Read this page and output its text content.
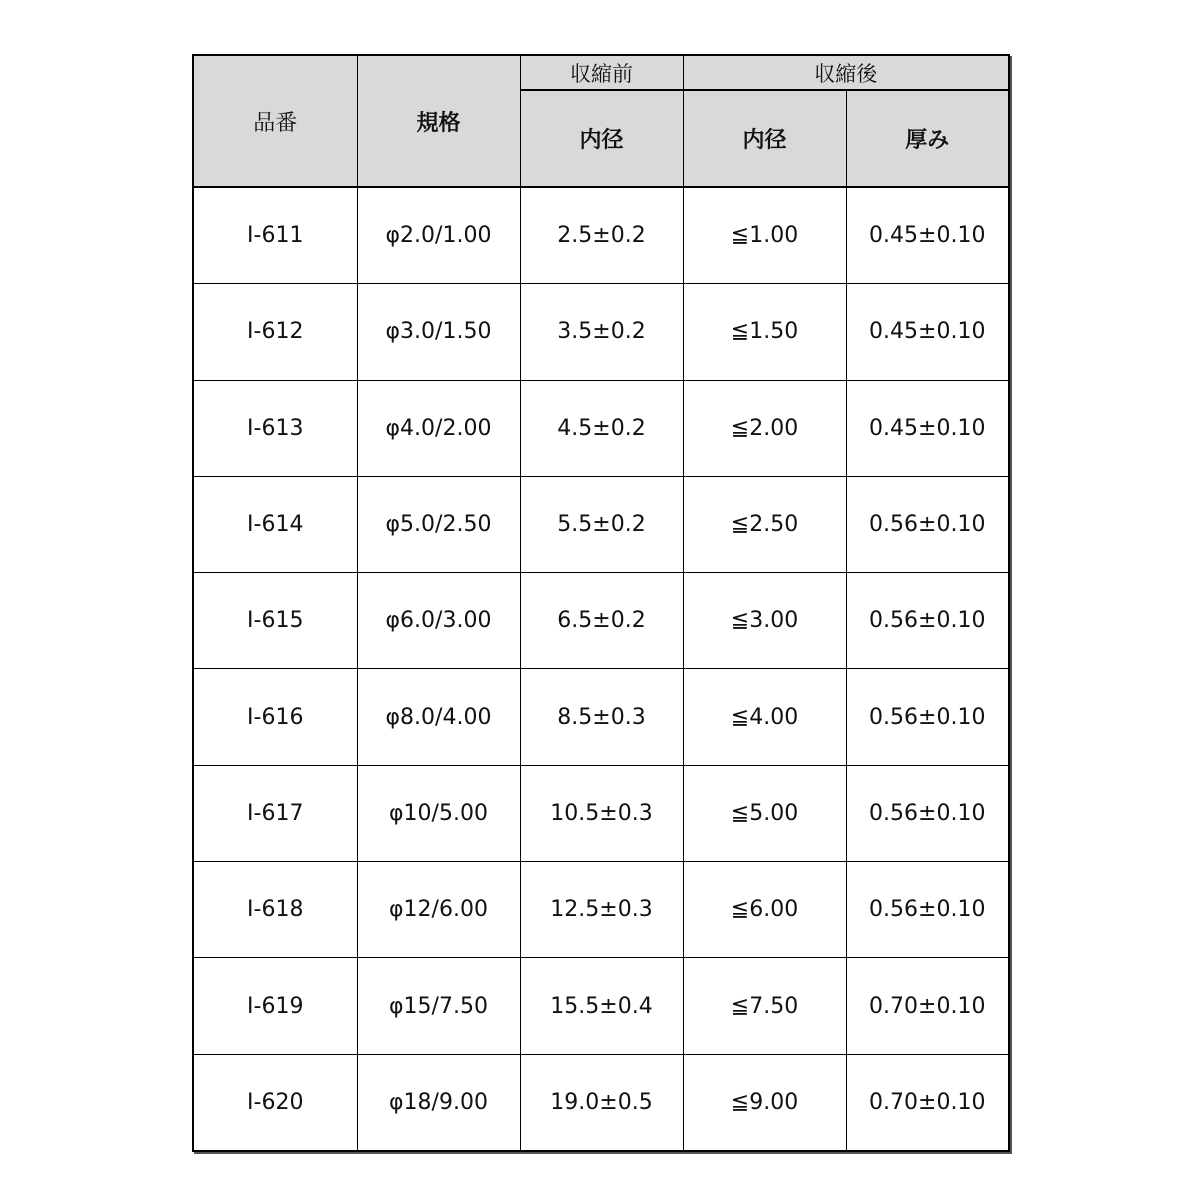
品番	規格	収縮前	収縮後	
		内径	内径	厚み
I-611	φ2.0/1.00	2.5±0.2	≦1.00	0.45±0.10
I-612	φ3.0/1.50	3.5±0.2	≦1.50	0.45±0.10
I-613	φ4.0/2.00	4.5±0.2	≦2.00	0.45±0.10
I-614	φ5.0/2.50	5.5±0.2	≦2.50	0.56±0.10
I-615	φ6.0/3.00	6.5±0.2	≦3.00	0.56±0.10
I-616	φ8.0/4.00	8.5±0.3	≦4.00	0.56±0.10
I-617	φ10/5.00	10.5±0.3	≦5.00	0.56±0.10
I-618	φ12/6.00	12.5±0.3	≦6.00	0.56±0.10
I-619	φ15/7.50	15.5±0.4	≦7.50	0.70±0.10
I-620	φ18/9.00	19.0±0.5	≦9.00	0.70±0.10
